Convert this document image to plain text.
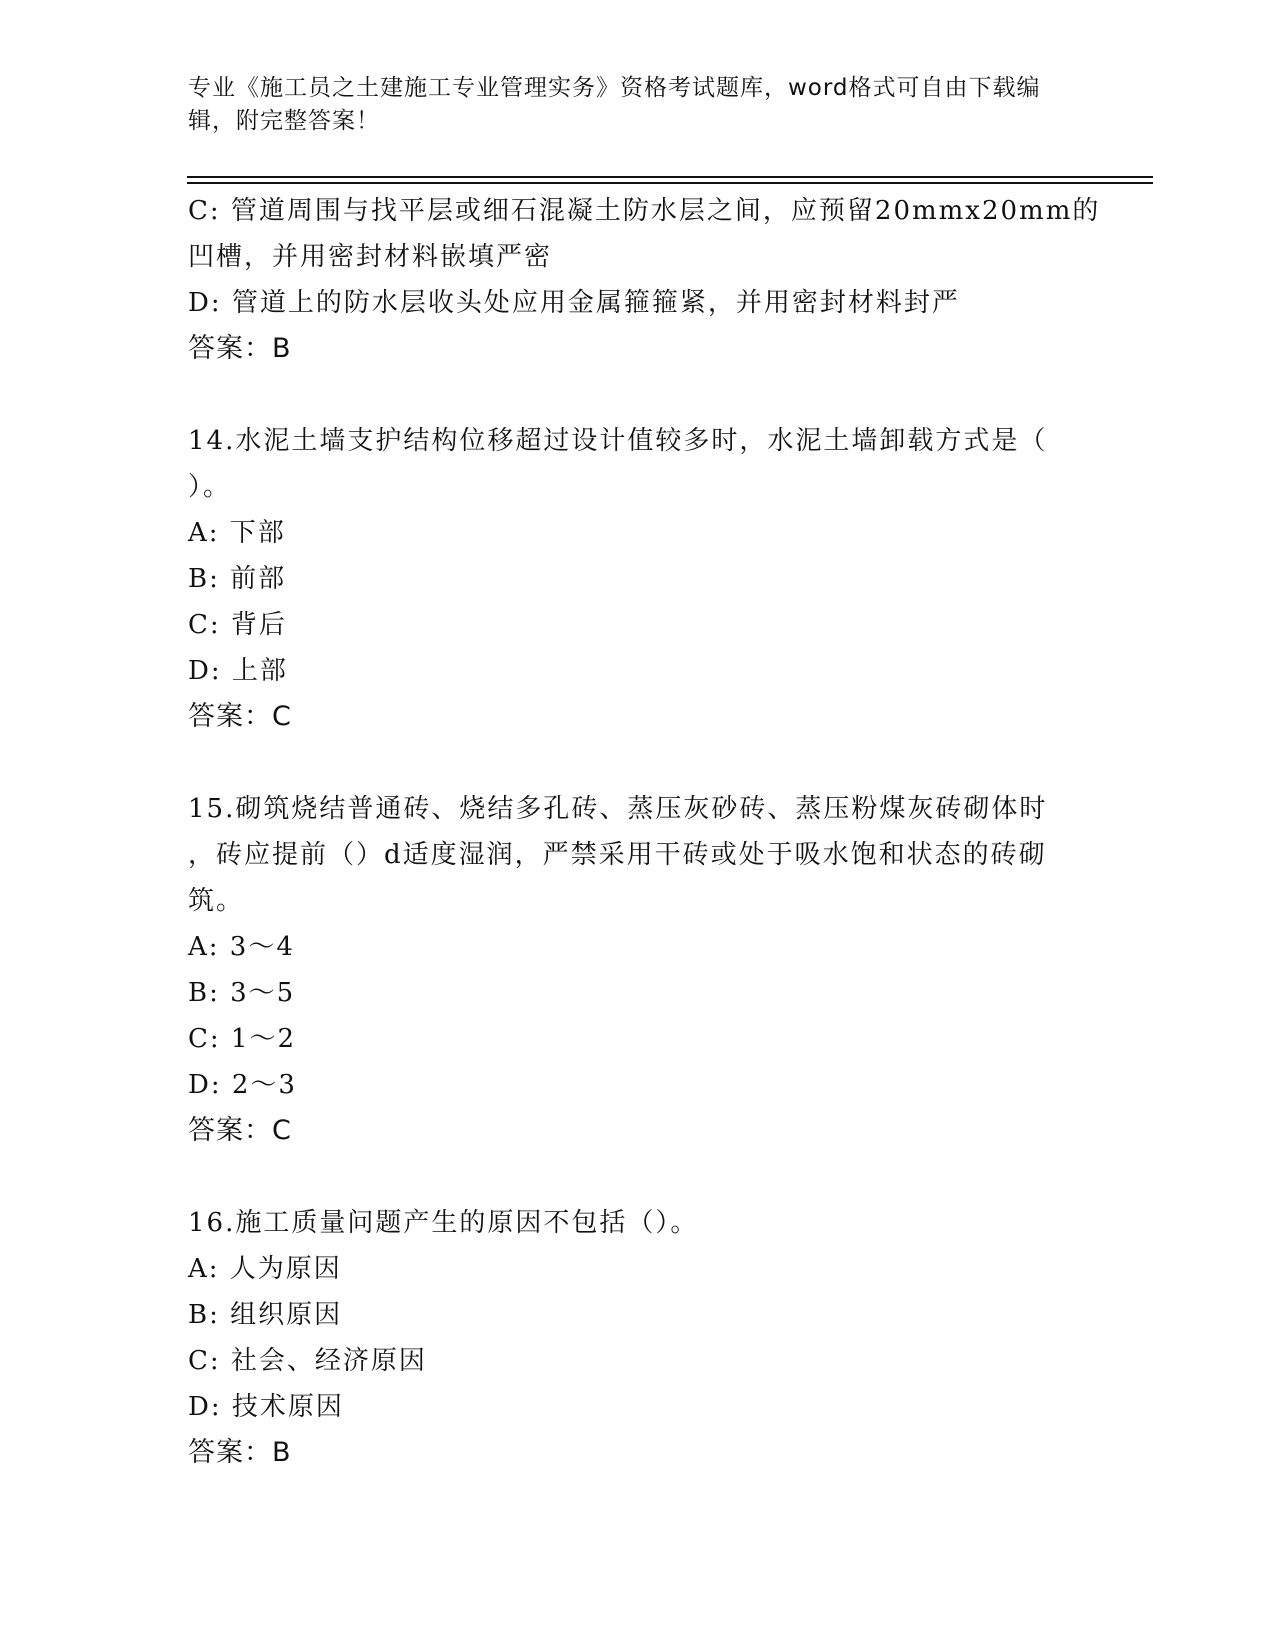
专业《施工员之土建施工专业管理实务》资格考试题库，word格式可自由下载编
辑，附完整答案！
C: 管道周围与找平层或细石混凝土防水层之间，应预留20mmx20mm的
凹槽，并用密封材料嵌填严密
D: 管道上的防水层收头处应用金属箍箍紧，并用密封材料封严
答案：B
14.水泥土墙支护结构位移超过设计值较多时，水泥土墙卸载方式是（
）。
A: 下部
B: 前部
C: 背后
D: 上部
答案：C
15.砌筑烧结普通砖、烧结多孔砖、蒸压灰砂砖、蒸压粉煤灰砖砌体时
，砖应提前（）d适度湿润，严禁采用干砖或处于吸水饱和状态的砖砌
筑。
A: 3～4
B: 3～5
C: 1～2
D: 2～3
答案：C
16.施工质量问题产生的原因不包括（）。
A: 人为原因
B: 组织原因
C: 社会、经济原因
D: 技术原因
答案：B
